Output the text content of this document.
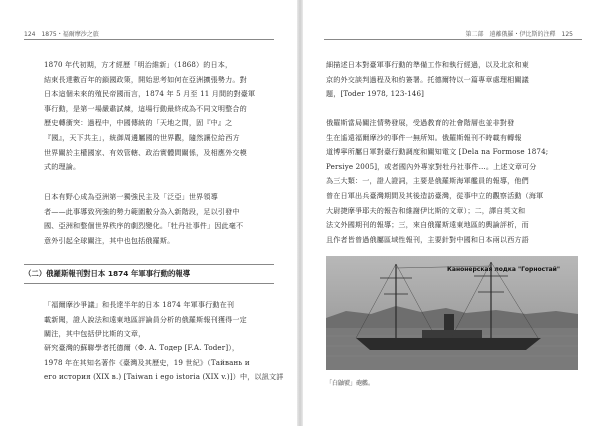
124　1875・福爾摩沙之旅
1870 年代初期，方才經歷「明治維新」（1868）的日本，
結束長達數百年的鎖國政策，開始思考如何在亞洲擴張勢力。對
日本這個未來的殖民帝國而言，1874 年 5 月至 11 月間的對臺軍
事行動，是第一場嚴肅試煉，這場行動最終成為不同文明整合的
歷史轉衝突：過程中，中國傳統的「天地之間，固『中』之
『國』，天下共主」，統御周邊屬國的世界觀，隨然讓位給西方
世界關於主權國家、有效管轄、政治實體間關係，及相應外交模
式的理論。
日本有野心成為亞洲第一獨強民主及「泛亞」世界領導
者——此事導致列強的勢力範圍數分為入新階段，足以引發中
國、亞洲和整個世界秩序的劇烈變化。「牡丹社事件」因此毫不
意外引起全球關注，其中也包括俄羅斯。
（二）俄羅斯報刊對日本 1874 年軍事行動的報導
「福爾摩沙爭議」和長達半年的日本 1874 年軍事行動在刊
載新聞，證人說法和遠東地區評論員分析的俄羅斯報刊獲得一定
關注，其中包括伊比斯的文章，
研究臺灣的蘇聯學者托德爾（Ф. А. Тодер [F.A. Toder]），
1978 年在其知名著作《臺灣及其歷史，19 世紀》（Тайвань и
его история (XIX в.) [Taiwan i ego istoria (XIX v.)]）中，以訊文詳
第二部　遠離俄羅・伊比斯的注釋　125
細描述日本對臺軍事行動的準備工作和執行經過，以及北京和東
京的外交談判過程及和約簽署。托德爾特以一篇專章處理相關議
題，[Toder 1978, 123-146]
俄羅斯當局關注情勢發展，受過教育的社會階層也並非對發
生在遙遠福爾摩沙的事件一無所知。俄羅斯報刊不時載有轉報
道博寧所屬日軍對臺行動調度和關知電文 [Dela na Formose 1874;
Persiye 2005]，或者國內外專家對牡丹社事件…。上述文章可分
為三大類：一，證人證詞，主要是俄羅斯海軍艦員的報導，他們
曾在日軍出兵臺灣期間及其後造訪臺灣，從事中立的觀察活動（海軍
大尉捷摩爭耶夫的報告和維謝伊比斯的文章）；二，譯自英文和
法文外國期刊的報導；三，來自俄羅斯遠東地區的輿論評析，而
且作者皆曾過俄屬區域性報刊，主要針對中國和日本兩以西方語
Канонерская лодка "Горностай"
「白鼬號」砲艦。
